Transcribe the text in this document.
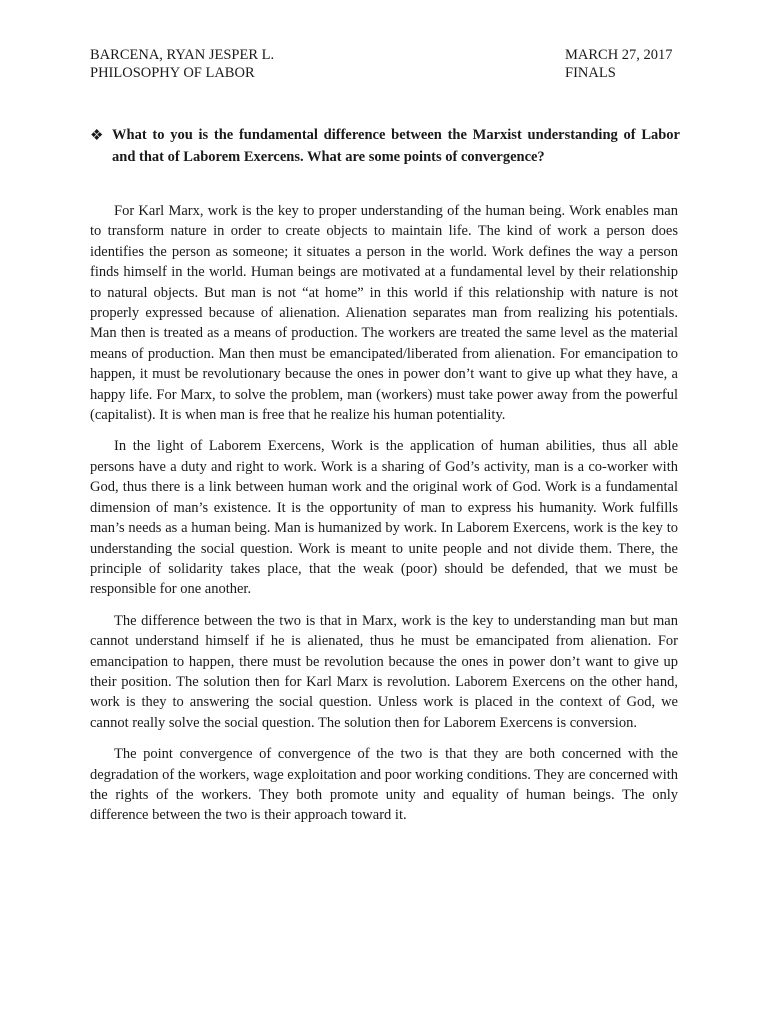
BARCENA, RYAN JESPER L.
PHILOSOPHY OF LABOR
MARCH 27, 2017
FINALS
❖ What to you is the fundamental difference between the Marxist understanding of Labor and that of Laborem Exercens. What are some points of convergence?

For Karl Marx, work is the key to proper understanding of the human being. Work enables man to transform nature in order to create objects to maintain life. The kind of work a person does identifies the person as someone; it situates a person in the world. Work defines the way a person finds himself in the world. Human beings are motivated at a fundamental level by their relationship to natural objects. But man is not “at home” in this world if this relationship with nature is not properly expressed because of alienation. Alienation separates man from realizing his potentials. Man then is treated as a means of production. The workers are treated the same level as the material means of production. Man then must be emancipated/liberated from alienation. For emancipation to happen, it must be revolutionary because the ones in power don’t want to give up what they have, a happy life. For Marx, to solve the problem, man (workers) must take power away from the powerful (capitalist). It is when man is free that he realize his human potentiality.

In the light of Laborem Exercens, Work is the application of human abilities, thus all able persons have a duty and right to work. Work is a sharing of God’s activity, man is a co-worker with God, thus there is a link between human work and the original work of God. Work is a fundamental dimension of man’s existence. It is the opportunity of man to express his humanity. Work fulfills man’s needs as a human being. Man is humanized by work. In Laborem Exercens, work is the key to understanding the social question. Work is meant to unite people and not divide them. There, the principle of solidarity takes place, that the weak (poor) should be defended, that we must be responsible for one another.

The difference between the two is that in Marx, work is the key to understanding man but man cannot understand himself if he is alienated, thus he must be emancipated from alienation. For emancipation to happen, there must be revolution because the ones in power don’t want to give up their position. The solution then for Karl Marx is revolution. Laborem Exercens on the other hand, work is they to answering the social question. Unless work is placed in the context of God, we cannot really solve the social question. The solution then for Laborem Exercens is conversion.

The point convergence of convergence of the two is that they are both concerned with the degradation of the workers, wage exploitation and poor working conditions. They are concerned with the rights of the workers. They both promote unity and equality of human beings. The only difference between the two is their approach toward it.
